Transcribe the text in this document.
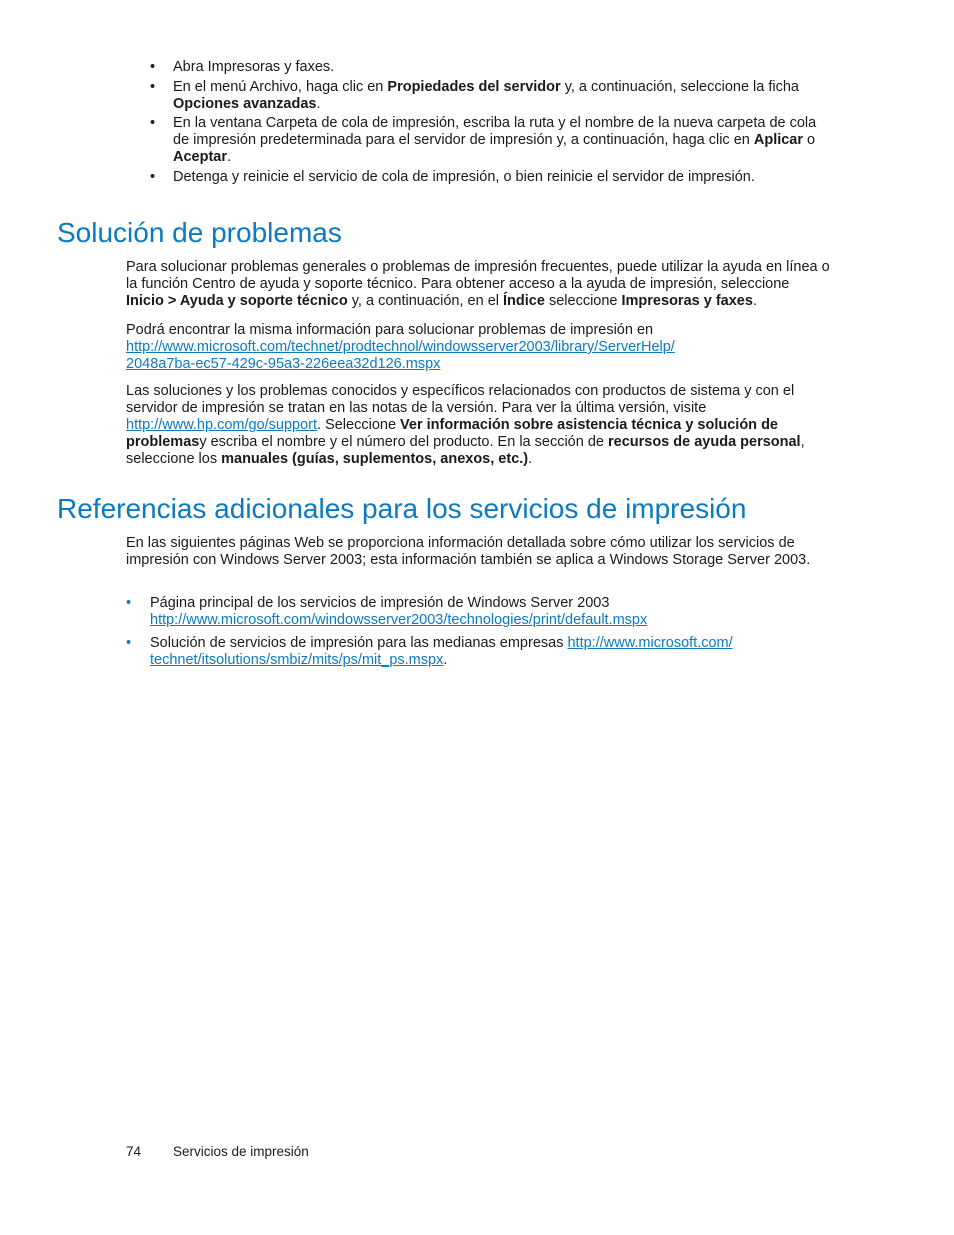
• Abra Impresoras y faxes.
• En el menú Archivo, haga clic en Propiedades del servidor y, a continuación, seleccione la ficha Opciones avanzadas.
• En la ventana Carpeta de cola de impresión, escriba la ruta y el nombre de la nueva carpeta de cola de impresión predeterminada para el servidor de impresión y, a continuación, haga clic en Aplicar o Aceptar.
• Detenga y reinicie el servicio de cola de impresión, o bien reinicie el servidor de impresión.
Solución de problemas

Para solucionar problemas generales o problemas de impresión frecuentes, puede utilizar la ayuda en línea o la función Centro de ayuda y soporte técnico. Para obtener acceso a la ayuda de impresión, seleccione Inicio > Ayuda y soporte técnico y, a continuación, en el Índice seleccione Impresoras y faxes.

Podrá encontrar la misma información para solucionar problemas de impresión en
http://www.microsoft.com/technet/prodtechnol/windowsserver2003/library/ServerHelp/
2048a7ba-ec57-429c-95a3-226eea32d126.mspx

Las soluciones y los problemas conocidos y específicos relacionados con productos de sistema y con el servidor de impresión se tratan en las notas de la versión. Para ver la última versión, visite http://www.hp.com/go/support. Seleccione Ver información sobre asistencia técnica y solución de problemasy escriba el nombre y el número del producto. En la sección de recursos de ayuda personal, seleccione los manuales (guías, suplementos, anexos, etc.).

Referencias adicionales para los servicios de impresión

En las siguientes páginas Web se proporciona información detallada sobre cómo utilizar los servicios de impresión con Windows Server 2003; esta información también se aplica a Windows Storage Server 2003.

• Página principal de los servicios de impresión de Windows Server 2003
http://www.microsoft.com/windowsserver2003/technologies/print/default.mspx
• Solución de servicios de impresión para las medianas empresas http://www.microsoft.com/
technet/itsolutions/smbiz/mits/ps/mit_ps.mspx.
74 Servicios de impresión
